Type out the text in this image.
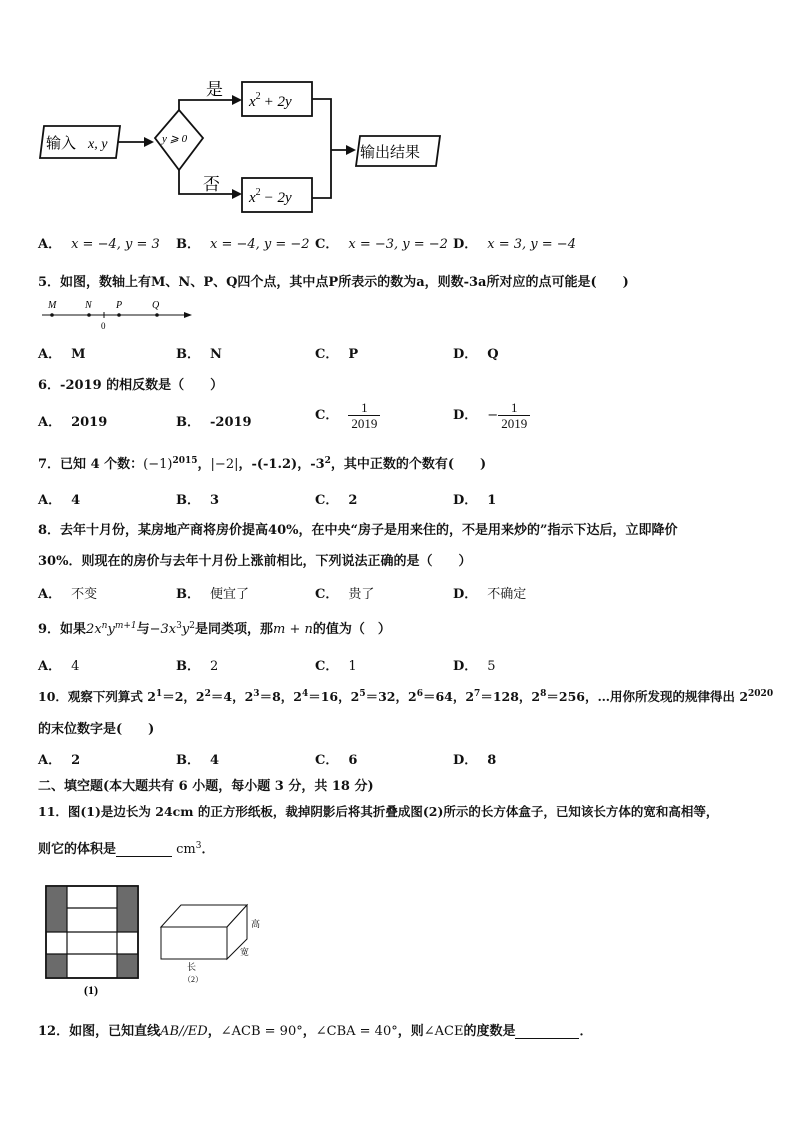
输入 x, y	y ⩾ 0
是
$x^2 + 2y$
否
$x^2 - 2y$
输出结果
A． x = −4, y = 3 B． x = −4, y = −2 C． x = −3, y = −2 D． x = 3, y = −4
5．如图，数轴上有M、N、P、Q四个点，其中点P所表示的数为a，则数-3a所对应的点可能是(　　)
M	N P	Q
0
A． M	B． N	C． P	D． Q
6．-2019 的相反数是（　　）
A． 2019	B． -2019	C． $\frac{1}{2019}$	D． − $\frac{1}{2019}$
7．已知 4 个数：$(-1)^{2015}$，|−2|，-(-1.2)，$-3^2$，其中正数的个数有(　　)
A． 4	B． 3	C． 2	D． 1
8．去年十月份，某房地产商将房价提高40%，在中央“房子是用来住的，不是用来炒的”指示下达后，立即降价
30%．则现在的房价与去年十月份上涨前相比，下列说法正确的是（　　）
A． 不变	B． 便宜了	C． 贵了	D． 不确定
9．如果$2x^ny^{m+1}$与$-3x^3y^2$是同类项，那m + n的值为（　）
A． 4	B． 2	C． 1	D． 5
10．观察下列算式 $2^1=2$，$2^2=4$，$2^3=8$，$2^4=16$，$2^5=32$，$2^6=64$，$2^7=128$，$2^8=256$，…用你所发现的规律得出 $2^{2020}$
的末位数字是(　　)
A． 2	B． 4	C． 6	D． 8
二、填空题(本大题共有 6 小题，每小题 3 分，共 18 分)
11．图(1)是边长为 24cm 的正方形纸板，裁掉阴影后将其折叠成图(2)所示的长方体盒子，已知该长方体的宽和高相等，
则它的体积是	$cm^3$．
(1)
高
宽
长
（2）
12．如图，已知直线AB//ED，∠ACB = 90°，∠CBA = 40°，则∠ACE的度数是	．
